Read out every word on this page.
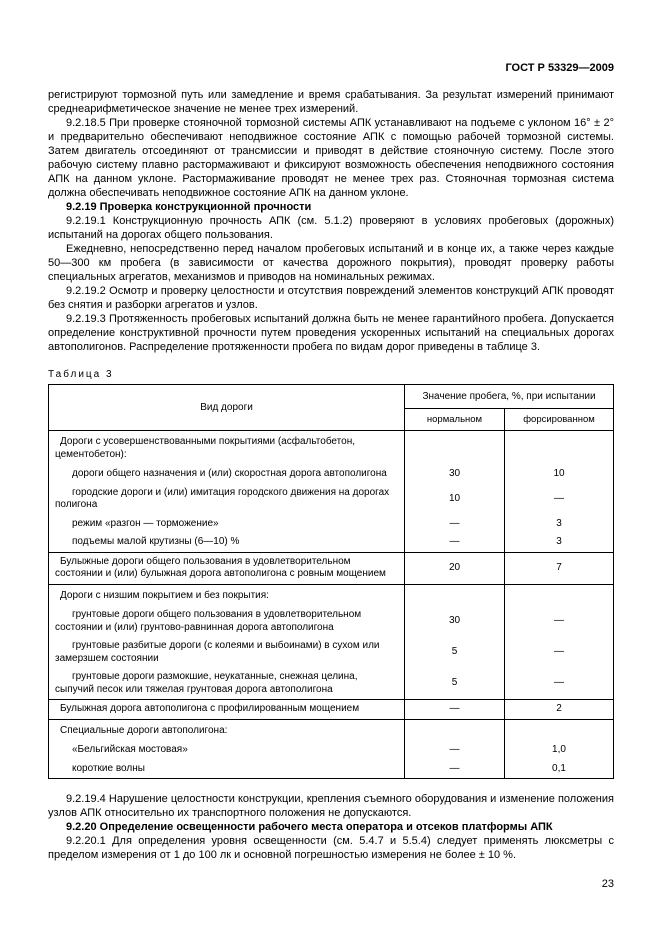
ГОСТ Р 53329—2009

регистрируют тормозной путь или замедление и время срабатывания. За результат измерений принимают среднеарифметическое значение не менее трех измерений.

9.2.18.5 При проверке стояночной тормозной системы АПК устанавливают на подъеме с уклоном 16° ± 2° и предварительно обеспечивают неподвижное состояние АПК с помощью рабочей тормозной системы. Затем двигатель отсоединяют от трансмиссии и приводят в действие стояночную систему. После этого рабочую систему плавно растормаживают и фиксируют возможность обеспечения неподвижного состояния АПК на данном уклоне. Растормаживание проводят не менее трех раз. Стояночная тормозная система должна обеспечивать неподвижное состояние АПК на данном уклоне.

9.2.19 Проверка конструкционной прочности

9.2.19.1 Конструкционную прочность АПК (см. 5.1.2) проверяют в условиях пробеговых (дорожных) испытаний на дорогах общего пользования.

Ежедневно, непосредственно перед началом пробеговых испытаний и в конце их, а также через каждые 50—300 км пробега (в зависимости от качества дорожного покрытия), проводят проверку работы специальных агрегатов, механизмов и приводов на номинальных режимах.

9.2.19.2 Осмотр и проверку целостности и отсутствия повреждений элементов конструкций АПК проводят без снятия и разборки агрегатов и узлов.

9.2.19.3 Протяженность пробеговых испытаний должна быть не менее гарантийного пробега. Допускается определение конструктивной прочности путем проведения ускоренных испытаний на специальных дорогах автополигонов. Распределение протяженности пробега по видам дорог приведены в таблице 3.

Таблица 3
Вид дороги	Значение пробега, %, при испытании	
	нормальном	форсированном
Дороги с усовершенствованными покрытиями (асфальтобетон, цементобетон):		
дороги общего назначения и (или) скоростная дорога автополигона	30	10
городские дороги и (или) имитация городского движения на дорогах полигона	10	—
режим «разгон — торможение»	—	3
подъемы малой крутизны (6—10) %	—	3
Булыжные дороги общего пользования в удовлетворительном состоянии и (или) булыжная дорога автополигона с ровным мощением	20	7
Дороги с низшим покрытием и без покрытия:		
грунтовые дороги общего пользования в удовлетворительном состоянии и (или) грунтово-равнинная дорога автополигона	30	—
грунтовые разбитые дороги (с колеями и выбоинами) в сухом или замерзшем состоянии	5	—
грунтовые дороги размокшие, неукатанные, снежная целина, сыпучий песок или тяжелая грунтовая дорога автополигона	5	—
Булыжная дорога автополигона с профилированным мощением	—	2
Специальные дороги автополигона:		
«Бельгийская мостовая»	—	1,0
короткие волны	—	0,1

9.2.19.4 Нарушение целостности конструкции, крепления съемного оборудования и изменение положения узлов АПК относительно их транспортного положения не допускаются.

9.2.20 Определение освещенности рабочего места оператора и отсеков платформы АПК

9.2.20.1 Для определения уровня освещенности (см. 5.4.7 и 5.5.4) следует применять люксметры с пределом измерения от 1 до 100 лк и основной погрешностью измерения не более ± 10 %.

23
